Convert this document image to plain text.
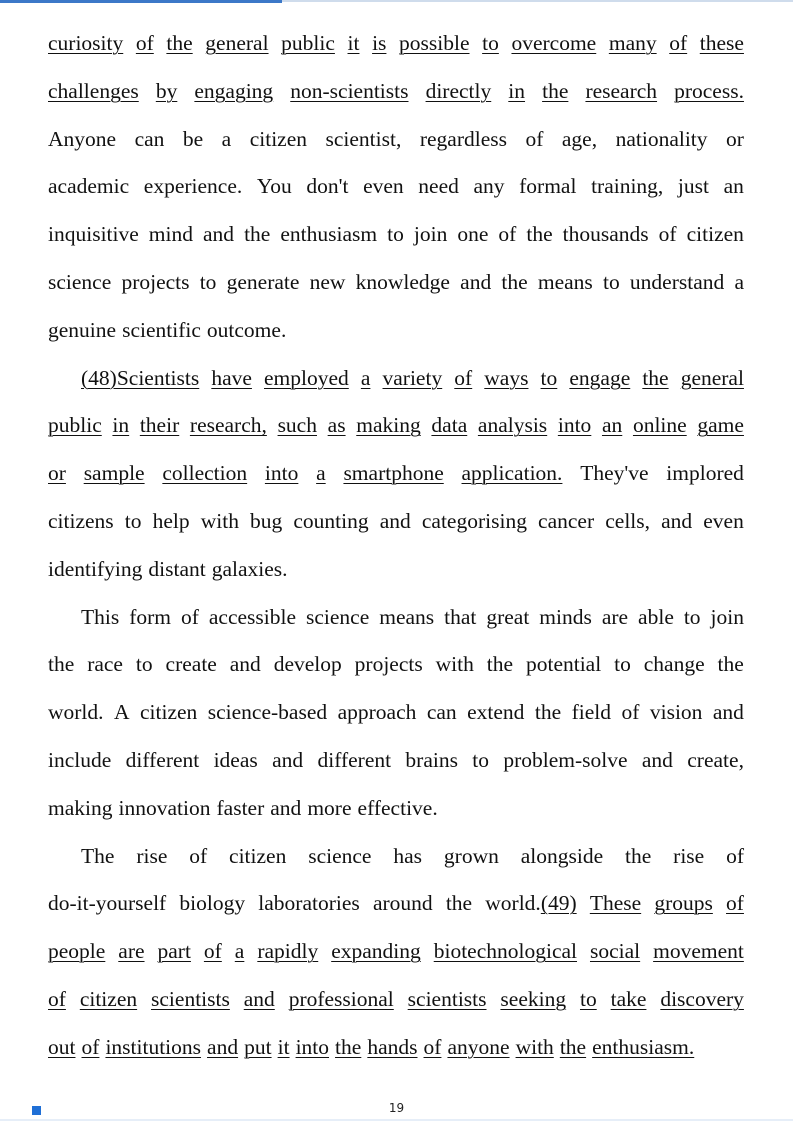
curiosity of the general public it is possible to overcome many of these
challenges by engaging non-scientists directly in the research process.
Anyone can be a citizen scientist, regardless of age, nationality or
academic experience. You don't even need any formal training, just an
inquisitive mind and the enthusiasm to join one of the thousands of citizen
science projects to generate new knowledge and the means to understand a
genuine scientific outcome.
(48)Scientists have employed a variety of ways to engage the general
public in their research, such as making data analysis into an online game
or sample collection into a smartphone application. They've implored
citizens to help with bug counting and categorising cancer cells, and even
identifying distant galaxies.
This form of accessible science means that great minds are able to join
the race to create and develop projects with the potential to change the
world. A citizen science-based approach can extend the field of vision and
include different ideas and different brains to problem-solve and create,
making innovation faster and more effective.
The rise of citizen science has grown alongside the rise of
do-it-yourself biology laboratories around the world.(49) These groups of
people are part of a rapidly expanding biotechnological social movement
of citizen scientists and professional scientists seeking to take discovery
out of institutions and put it into the hands of anyone with the enthusiasm.
19
